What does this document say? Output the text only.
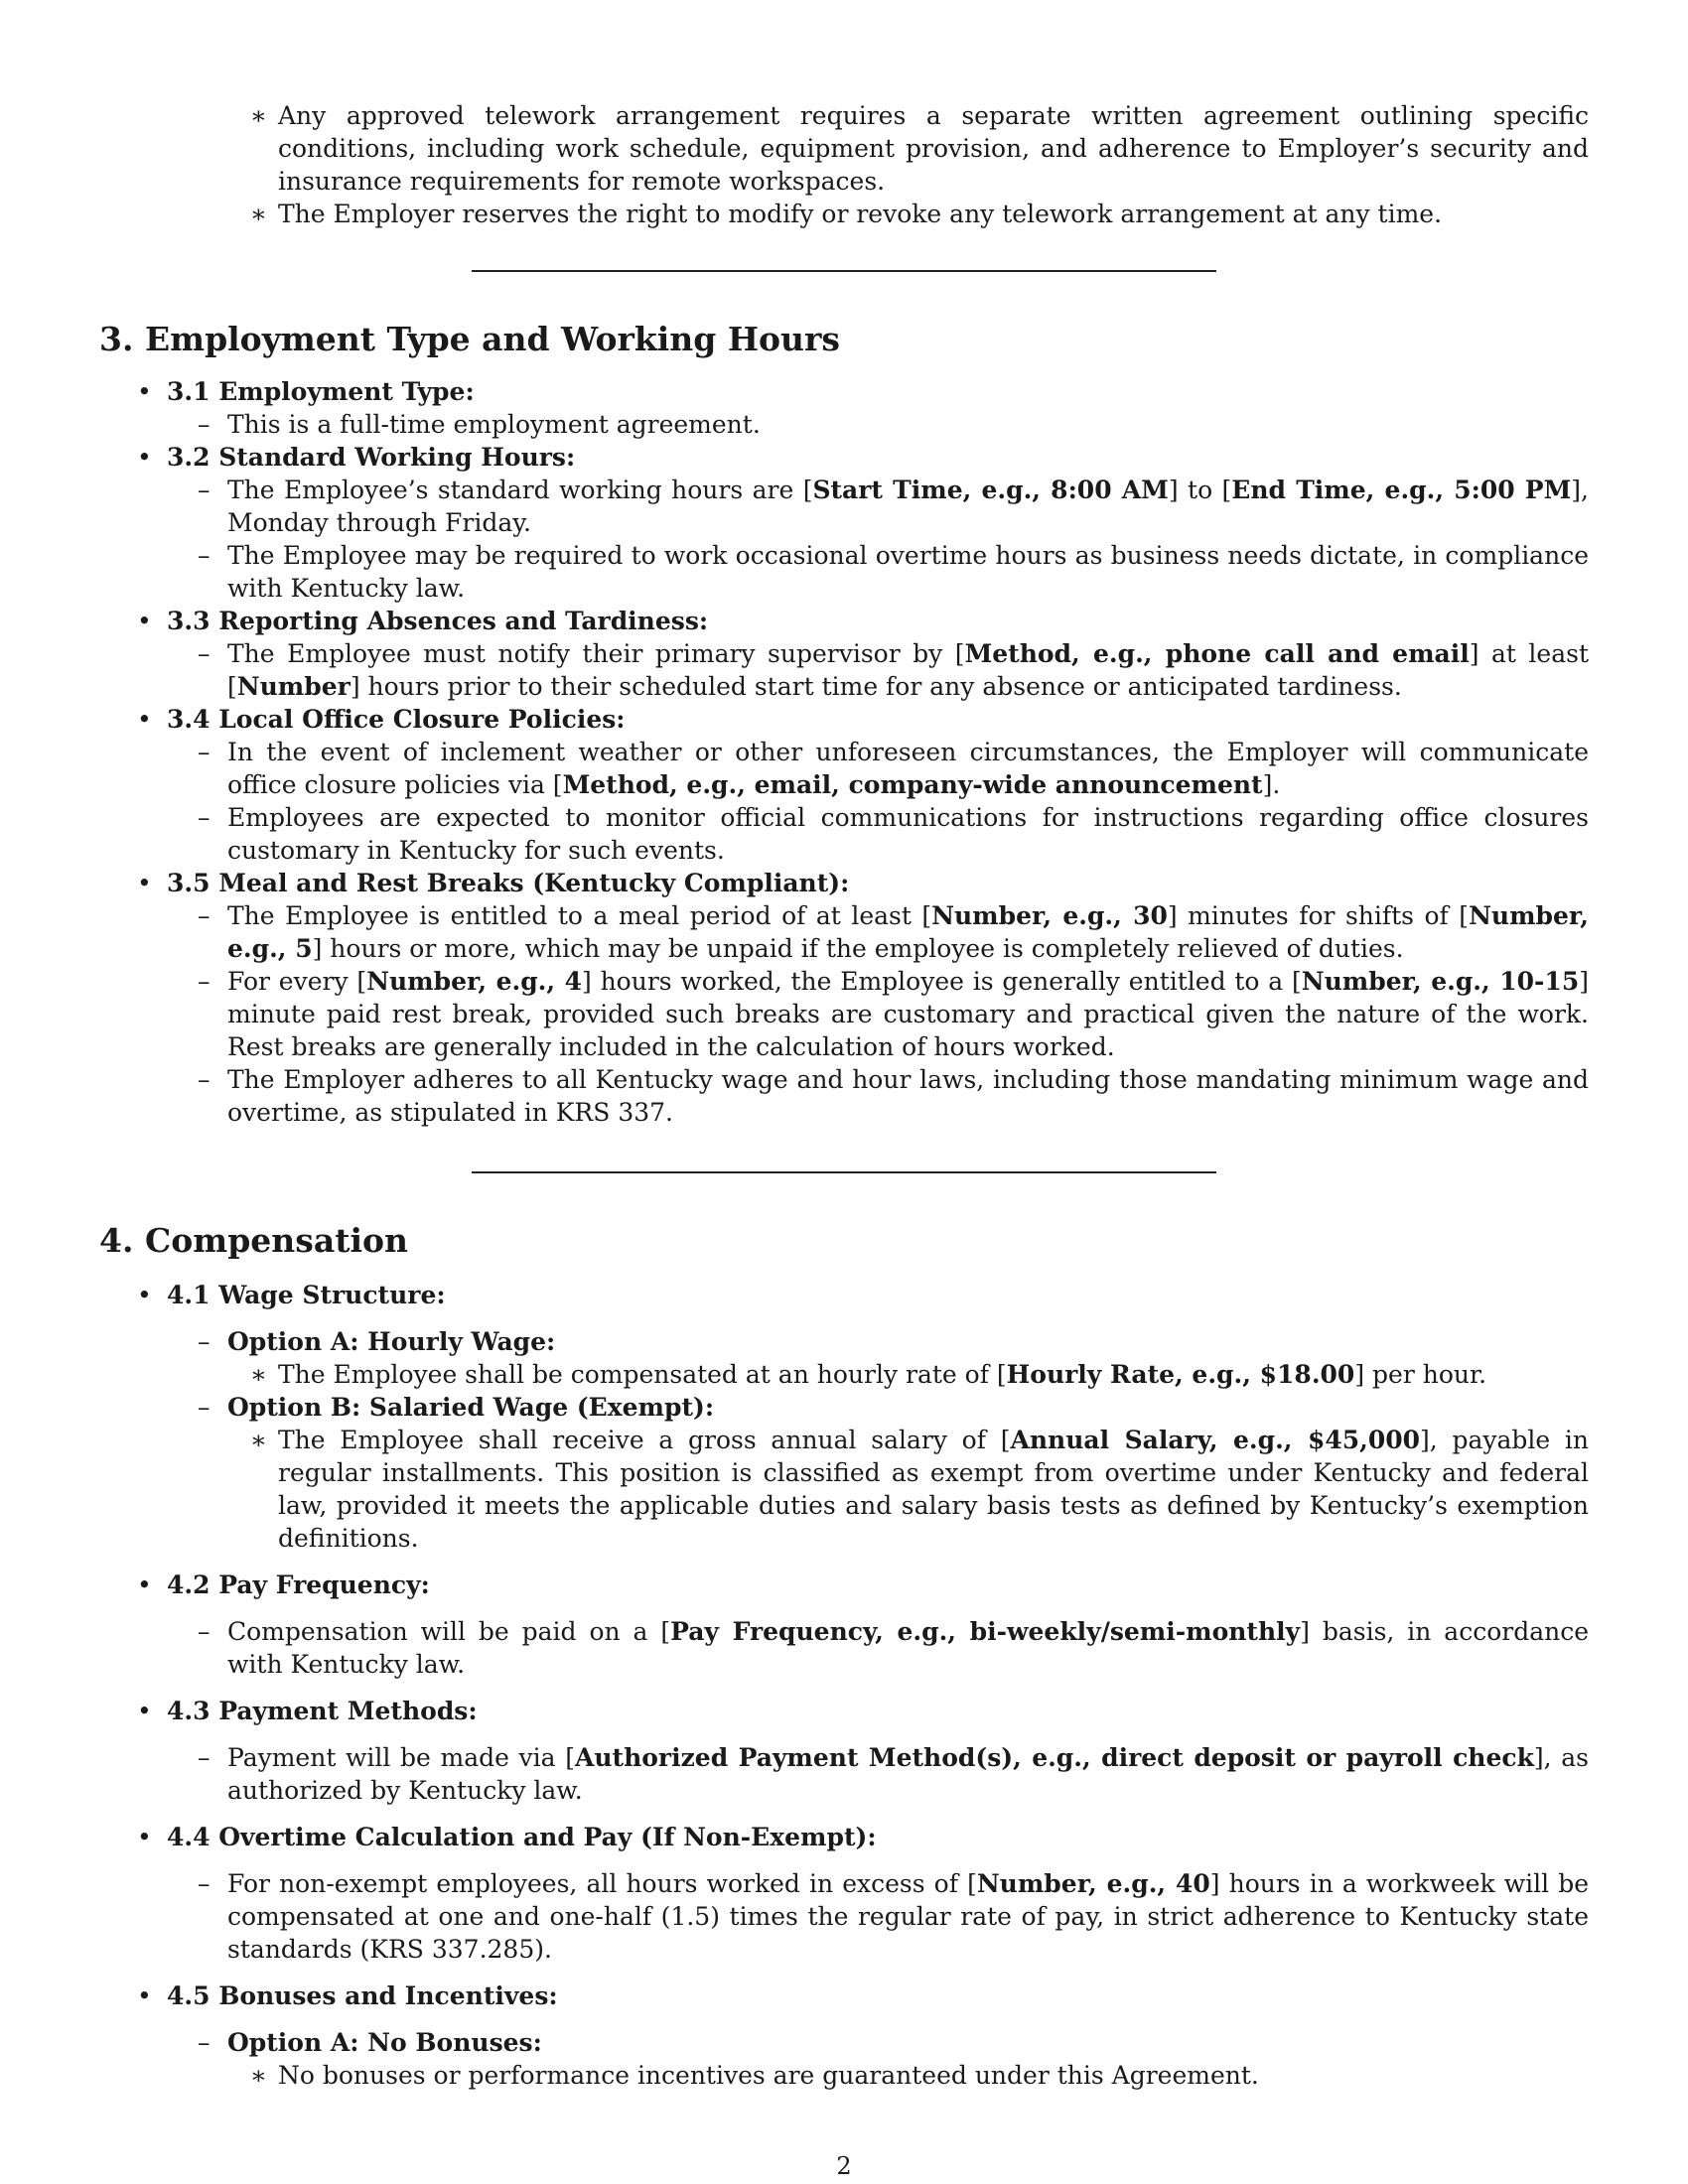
∗ Any approved telework arrangement requires a separate written agreement outlining specific conditions, including work schedule, equipment provision, and adherence to Employer’s security and insurance requirements for remote workspaces.
∗ The Employer reserves the right to modify or revoke any telework arrangement at any time.
3. Employment Type and Working Hours
• 3.1 Employment Type:
– This is a full-time employment agreement.
• 3.2 Standard Working Hours:
– The Employee’s standard working hours are [Start Time, e.g., 8:00 AM] to [End Time, e.g., 5:00 PM], Monday through Friday.
– The Employee may be required to work occasional overtime hours as business needs dictate, in compliance with Kentucky law.
• 3.3 Reporting Absences and Tardiness:
– The Employee must notify their primary supervisor by [Method, e.g., phone call and email] at least [Number] hours prior to their scheduled start time for any absence or anticipated tardiness.
• 3.4 Local Office Closure Policies:
– In the event of inclement weather or other unforeseen circumstances, the Employer will communicate office closure policies via [Method, e.g., email, company-wide announcement].
– Employees are expected to monitor official communications for instructions regarding office closures customary in Kentucky for such events.
• 3.5 Meal and Rest Breaks (Kentucky Compliant):
– The Employee is entitled to a meal period of at least [Number, e.g., 30] minutes for shifts of [Number, e.g., 5] hours or more, which may be unpaid if the employee is completely relieved of duties.
– For every [Number, e.g., 4] hours worked, the Employee is generally entitled to a [Number, e.g., 10-15] minute paid rest break, provided such breaks are customary and practical given the nature of the work. Rest breaks are generally included in the calculation of hours worked.
– The Employer adheres to all Kentucky wage and hour laws, including those mandating minimum wage and overtime, as stipulated in KRS 337.
4. Compensation
• 4.1 Wage Structure:
– Option A: Hourly Wage:
∗ The Employee shall be compensated at an hourly rate of [Hourly Rate, e.g., $18.00] per hour.
– Option B: Salaried Wage (Exempt):
∗ The Employee shall receive a gross annual salary of [Annual Salary, e.g., $45,000], payable in regular installments. This position is classified as exempt from overtime under Kentucky and federal law, provided it meets the applicable duties and salary basis tests as defined by Kentucky’s exemption definitions.
• 4.2 Pay Frequency:
– Compensation will be paid on a [Pay Frequency, e.g., bi-weekly/semi-monthly] basis, in accordance with Kentucky law.
• 4.3 Payment Methods:
– Payment will be made via [Authorized Payment Method(s), e.g., direct deposit or payroll check], as authorized by Kentucky law.
• 4.4 Overtime Calculation and Pay (If Non-Exempt):
– For non-exempt employees, all hours worked in excess of [Number, e.g., 40] hours in a workweek will be compensated at one and one-half (1.5) times the regular rate of pay, in strict adherence to Kentucky state standards (KRS 337.285).
• 4.5 Bonuses and Incentives:
– Option A: No Bonuses:
∗ No bonuses or performance incentives are guaranteed under this Agreement.
2
